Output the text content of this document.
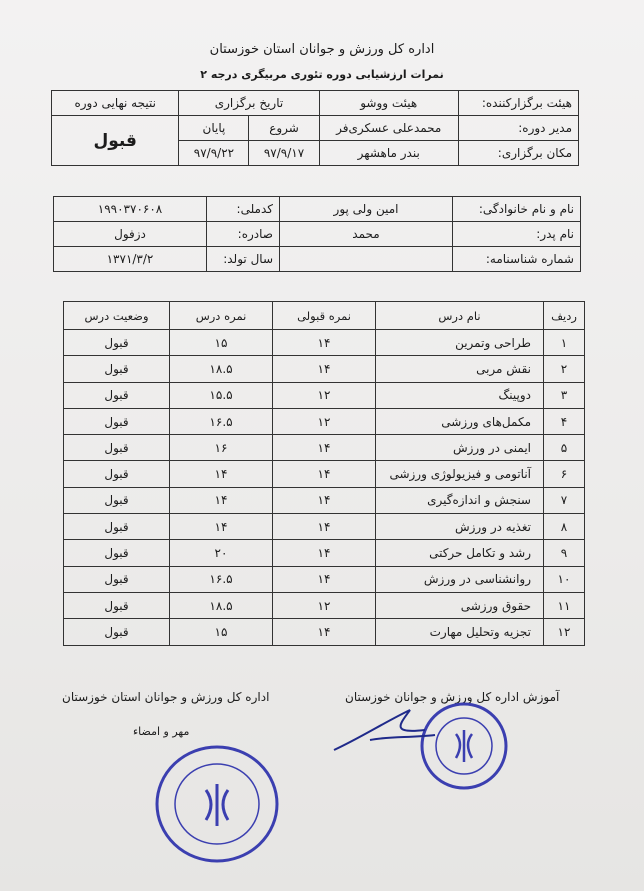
اداره کل ورزش و جوانان استان خوزستان
نمرات ارزشیابی دوره تئوری مربیگری درجه ۲
هیئت برگزارکننده:	هیئت ووشو	تاریخ برگزاری		نتیجه نهایی دوره
مدیر دوره:	محمدعلی عسکری‌فر	شروع	پایان	قبول
مکان برگزاری:	بندر ماهشهر	۹۷/۹/۱۷	۹۷/۹/۲۲	
نام و نام خانوادگی:	امین ولی پور	کدملی:	۱۹۹۰۳۷۰۶۰۸
نام پدر:	محمد	صادره:	دزفول
شماره شناسنامه:		سال تولد:	۱۳۷۱/۳/۲
ردیف	نام درس	نمره قبولی	نمره درس	وضعیت درس
۱	طراحی وتمرین	۱۴	۱۵	قبول
۲	نقش مربی	۱۴	۱۸.۵	قبول
۳	دوپینگ	۱۲	۱۵.۵	قبول
۴	مکمل‌های ورزشی	۱۲	۱۶.۵	قبول
۵	ایمنی در ورزش	۱۴	۱۶	قبول
۶	آناتومی و فیزیولوژی ورزشی	۱۴	۱۴	قبول
۷	سنجش و اندازه‌گیری	۱۴	۱۴	قبول
۸	تغذیه در ورزش	۱۴	۱۴	قبول
۹	رشد و تکامل حرکتی	۱۴	۲۰	قبول
۱۰	روانشناسی در ورزش	۱۴	۱۶.۵	قبول
۱۱	حقوق ورزشی	۱۲	۱۸.۵	قبول
۱۲	تجزیه وتحلیل مهارت	۱۴	۱۵	قبول
آموزش اداره کل ورزش و جوانان خوزستان
اداره کل ورزش و جوانان استان خوزستان
مهر و امضاء
